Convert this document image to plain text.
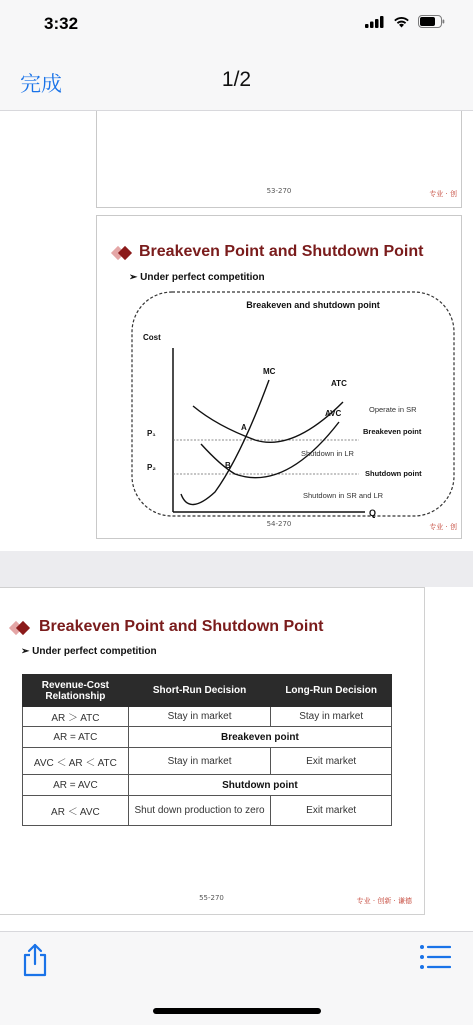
3:32
完成	1/2
53-270	专业 · 创
Breakeven Point and Shutdown Point
➢ Under perfect competition
Breakeven and shutdown point
Cost
Q
P₁
P₂
MC
ATC
AVC
A
B
Operate in SR
Breakeven point
Shutdown in LR
Shutdown point
Shutdown in SR and LR
54-270	专业 · 创
Breakeven Point and Shutdown Point
➢ Under perfect competition
Revenue-Cost Relationship	Short-Run Decision	Long-Run Decision
AR ＞ ATC	Stay in market	Stay in market
AR = ATC	Breakeven point	
AVC ＜ AR ＜ ATC	Stay in market	Exit market
AR = AVC	Shutdown point	
AR ＜ AVC	Shut down production to zero	Exit market
55-270	专业 · 创新 · 谦德
